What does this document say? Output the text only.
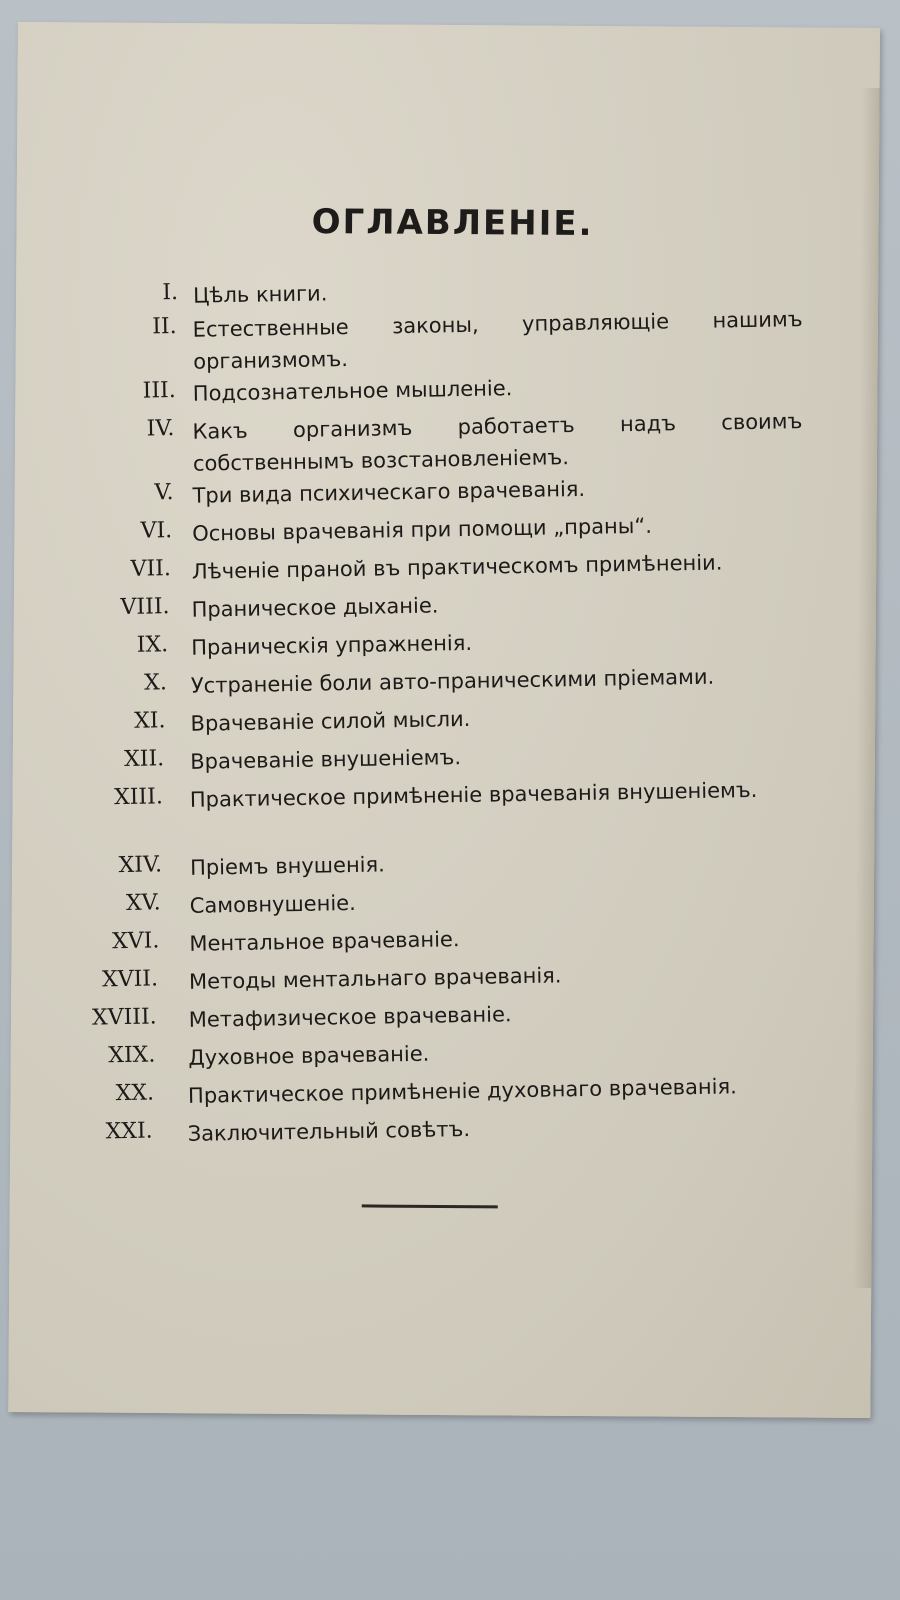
ОГЛАВЛЕНІЕ.
I. Цѣль книги.
II. Естественные законы, управляющіе нашимъ организмомъ.
III. Подсознательное мышленіе.
IV. Какъ организмъ работаетъ надъ своимъ собственнымъ возстановленіемъ.
V. Три вида психическаго врачеванія.
VI. Основы врачеванія при помощи „праны“.
VII. Лѣченіе праной въ практическомъ примѣненіи.
VIII. Праническое дыханіе.
IX. Праническія упражненія.
X. Устраненіе боли авто-праническими пріемами.
XI. Врачеваніе силой мысли.
XII. Врачеваніе внушеніемъ.
XIII. Практическое примѣненіе врачеванія внушеніемъ.
XIV. Пріемъ внушенія.
XV. Самовнушеніе.
XVI. Ментальное врачеваніе.
XVII. Методы ментальнаго врачеванія.
XVIII. Метафизическое врачеваніе.
XIX. Духовное врачеваніе.
XX. Практическое примѣненіе духовнаго врачеванія.
XXI. Заключительный совѣтъ.
